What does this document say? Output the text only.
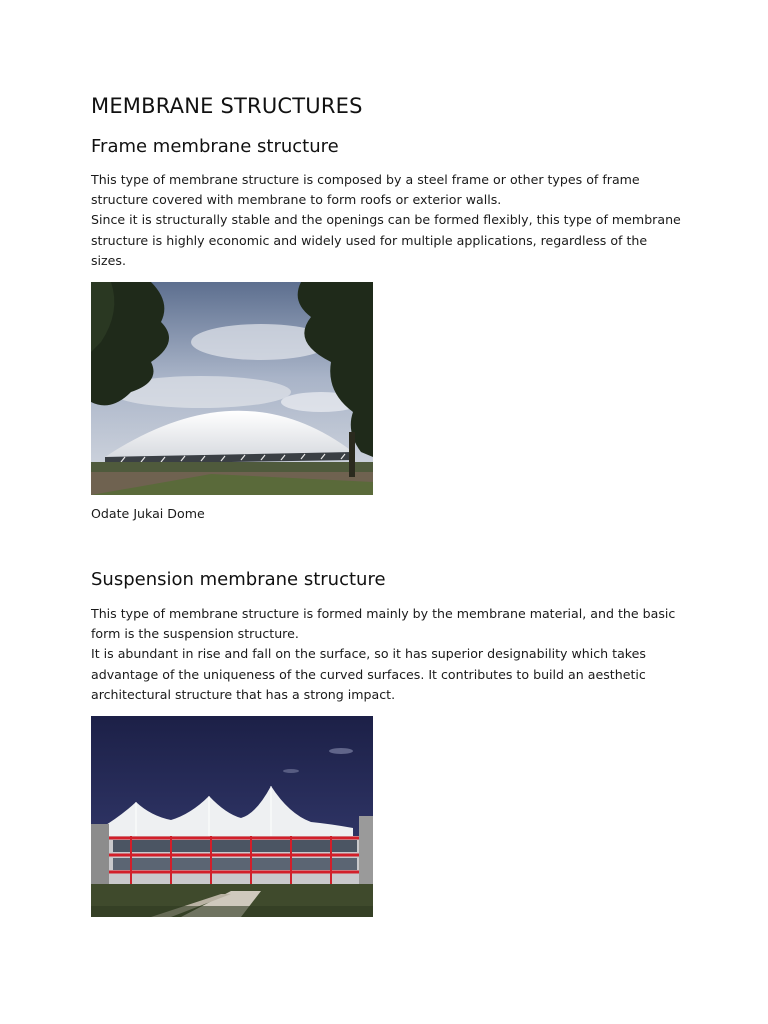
MEMBRANE STRUCTURES
Frame membrane structure

This type of membrane structure is composed by a steel frame or other types of frame structure covered with membrane to form roofs or exterior walls.

Since it is structurally stable and the openings can be formed flexibly, this type of membrane structure is highly economic and widely used for multiple applications, regardless of the sizes.

Odate Jukai Dome

Suspension membrane structure

This type of membrane structure is formed mainly by the membrane material, and the basic form is the suspension structure.

It is abundant in rise and fall on the surface, so it has superior designability which takes advantage of the uniqueness of the curved surfaces. It contributes to build an aesthetic architectural structure that has a strong impact.
